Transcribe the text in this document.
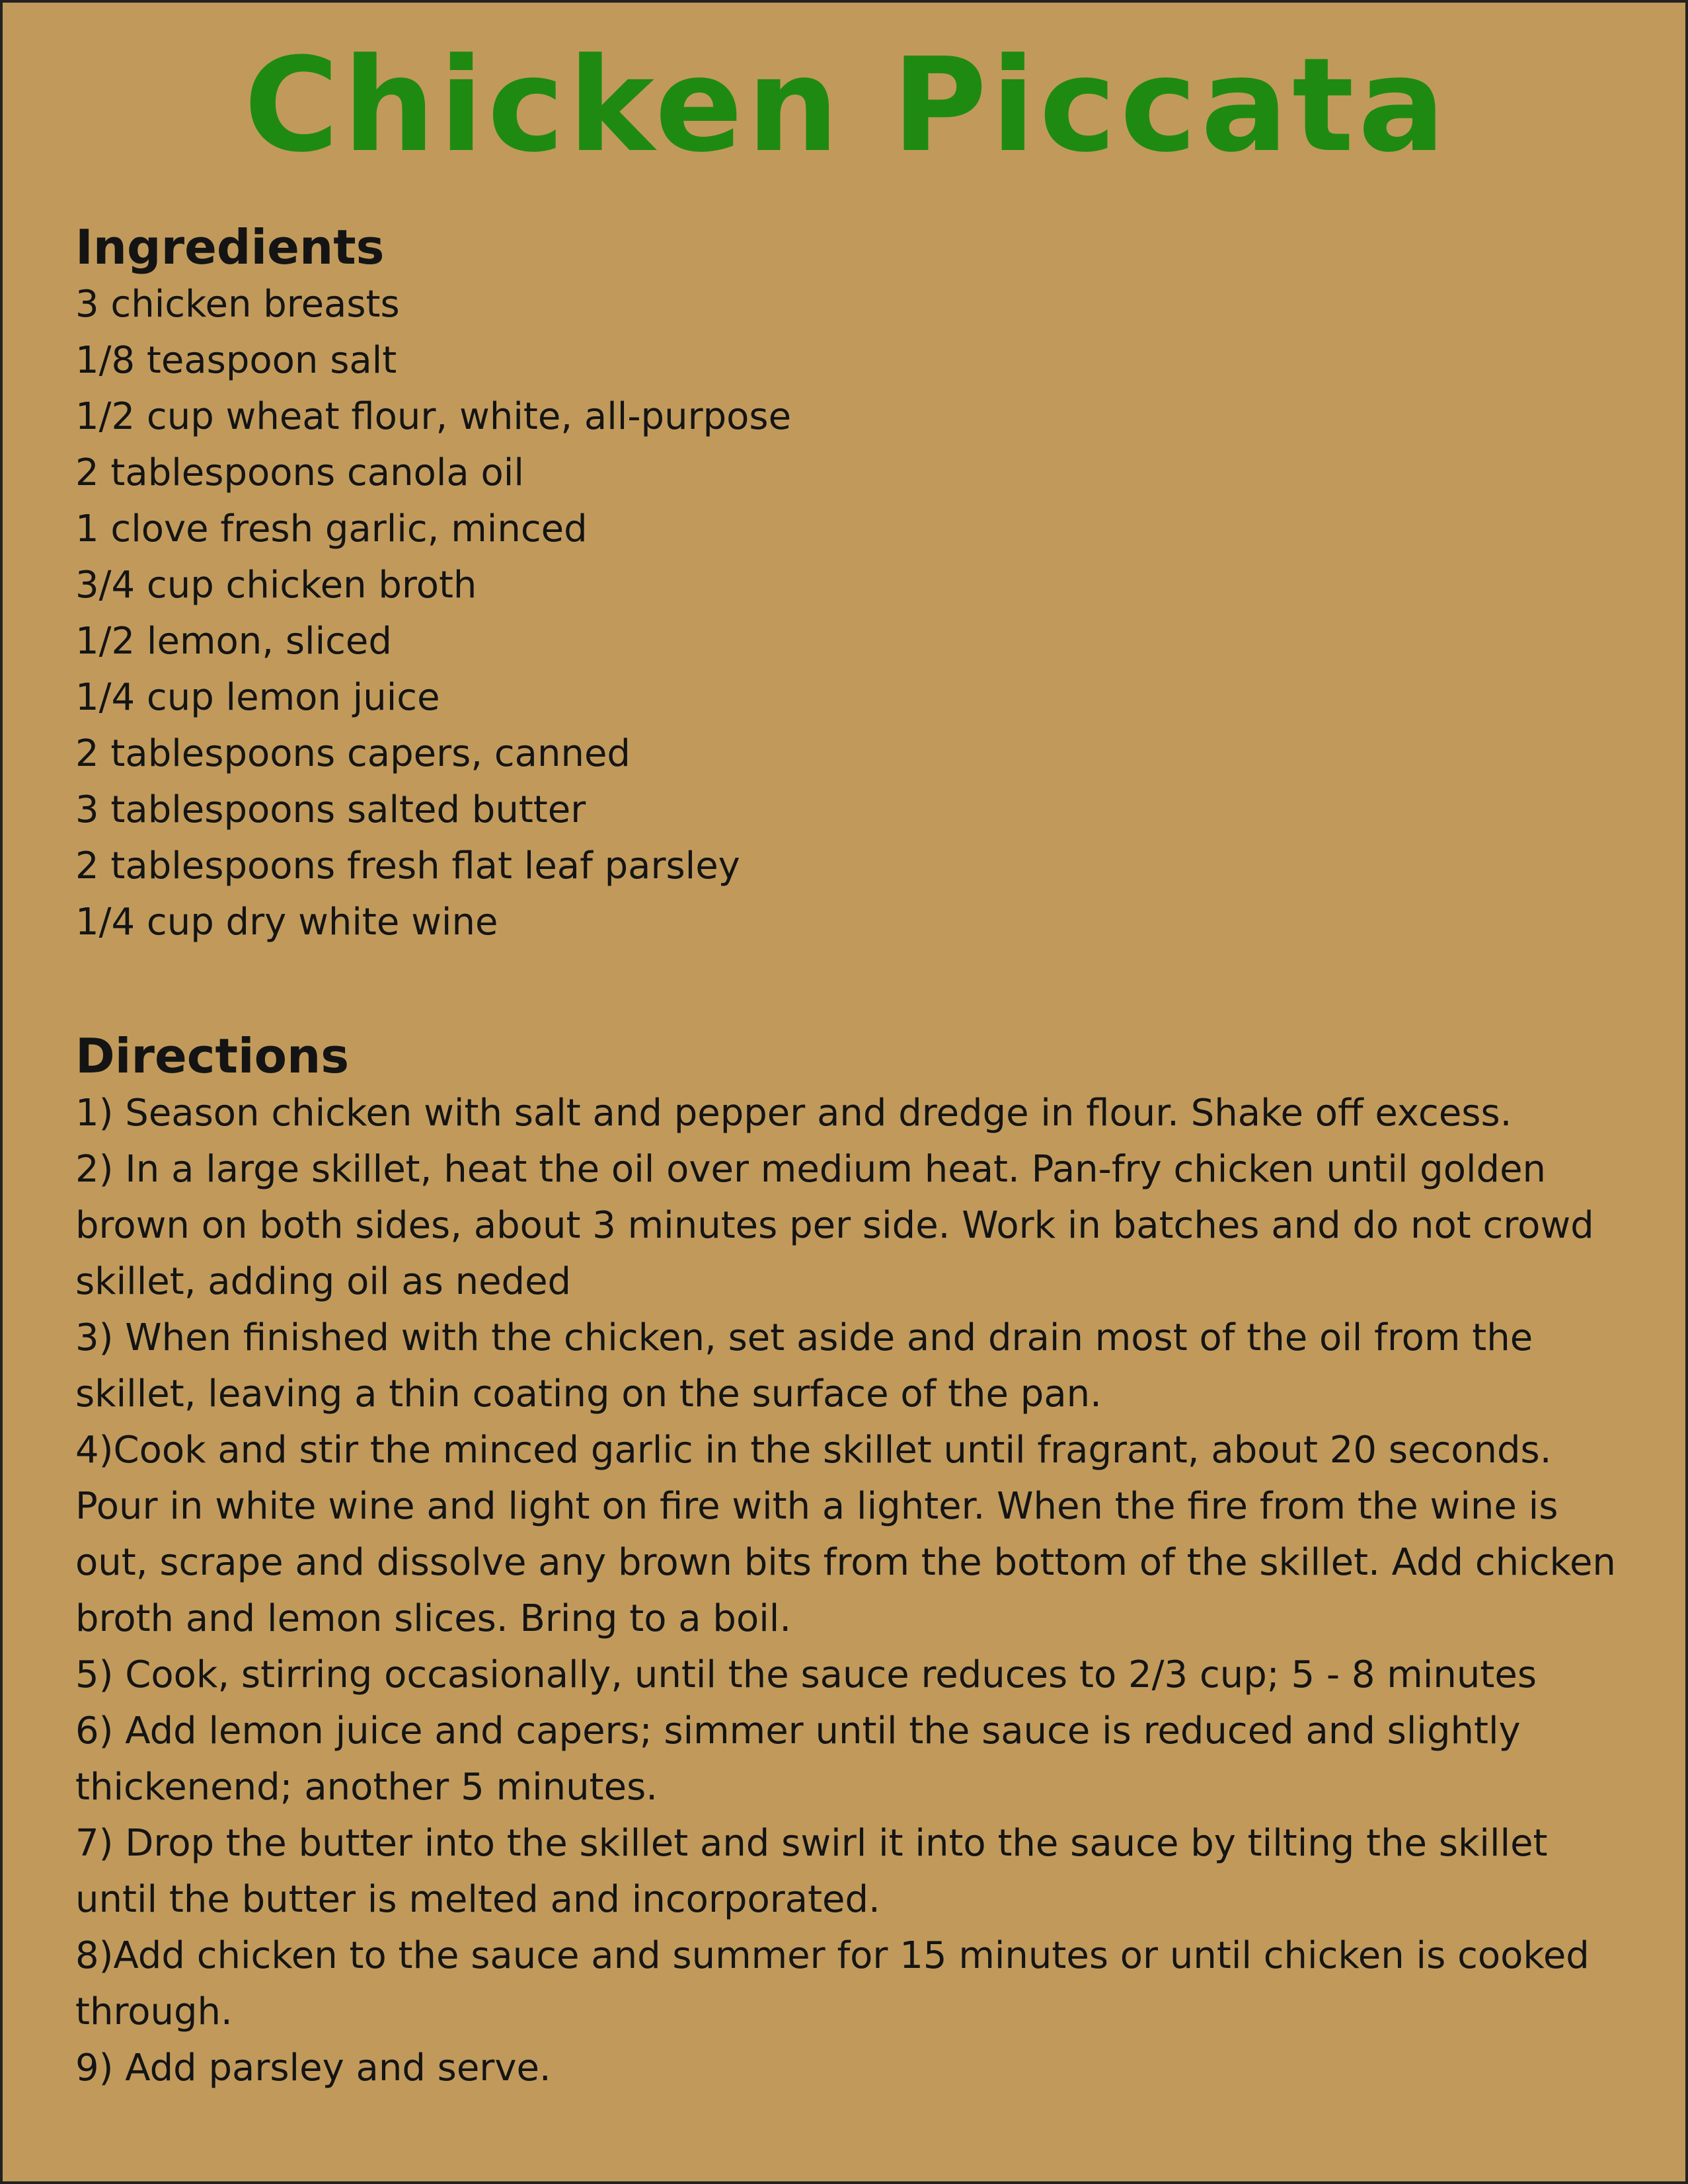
Chicken Piccata
Ingredients
3 chicken breasts
1/8 teaspoon salt
1/2 cup wheat flour, white, all-purpose
2 tablespoons canola oil
1 clove fresh garlic, minced
3/4 cup chicken broth
1/2 lemon, sliced
1/4 cup lemon juice
2 tablespoons capers, canned
3 tablespoons salted butter
2 tablespoons fresh flat leaf parsley
1/4 cup dry white wine
Directions
1) Season chicken with salt and pepper and dredge in flour. Shake off excess.
2) In a large skillet, heat the oil over medium heat. Pan-fry chicken until golden brown on both sides, about 3 minutes per side. Work in batches and do not crowd skillet, adding oil as neded
3) When finished with the chicken, set aside and drain most of the oil from the skillet, leaving a thin coating on the surface of the pan.
4)Cook and stir the minced garlic in the skillet until fragrant, about 20 seconds. Pour in white wine and light on fire with a lighter. When the fire from the wine is out, scrape and dissolve any brown bits from the bottom of the skillet. Add chicken broth and lemon slices. Bring to a boil.
5) Cook, stirring occasionally, until the sauce reduces to 2/3 cup; 5 - 8 minutes
6) Add lemon juice and capers; simmer until the sauce is reduced and slightly thickenend; another 5 minutes.
7) Drop the butter into the skillet and swirl it into the sauce by tilting the skillet until the butter is melted and incorporated.
8)Add chicken to the sauce and summer for 15 minutes or until chicken is cooked through.
9) Add parsley and serve.
